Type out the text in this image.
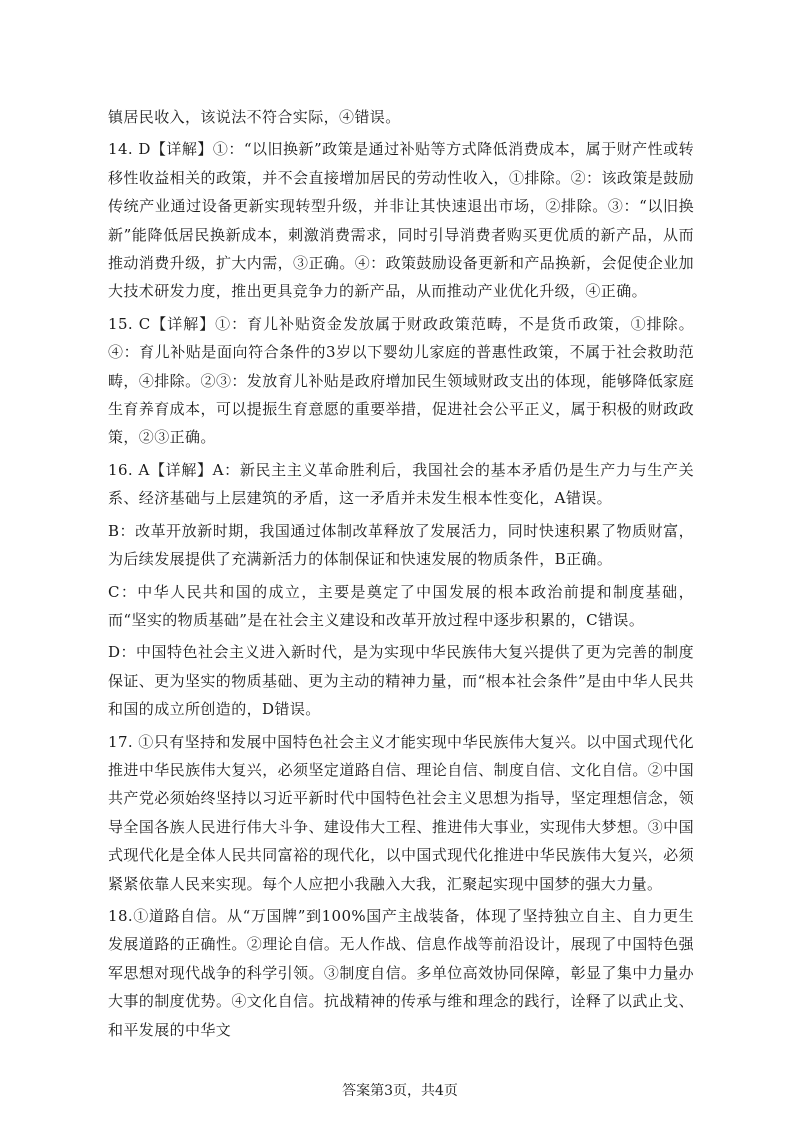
镇居民收入，该说法不符合实际，④错误。

14. D【详解】①：“以旧换新”政策是通过补贴等方式降低消费成本，属于财产性或转移性收益相关的政策，并不会直接增加居民的劳动性收入，①排除。②：该政策是鼓励传统产业通过设备更新实现转型升级，并非让其快速退出市场，②排除。③：“以旧换新”能降低居民换新成本，刺激消费需求，同时引导消费者购买更优质的新产品，从而推动消费升级，扩大内需，③正确。④：政策鼓励设备更新和产品换新，会促使企业加大技术研发力度，推出更具竞争力的新产品，从而推动产业优化升级，④正确。

15. C【详解】①：育儿补贴资金发放属于财政政策范畴，不是货币政策，①排除。④：育儿补贴是面向符合条件的3岁以下婴幼儿家庭的普惠性政策，不属于社会救助范畴，④排除。②③：发放育儿补贴是政府增加民生领域财政支出的体现，能够降低家庭生育养育成本，可以提振生育意愿的重要举措，促进社会公平正义，属于积极的财政政策，②③正确。

16. A【详解】A：新民主主义革命胜利后，我国社会的基本矛盾仍是生产力与生产关系、经济基础与上层建筑的矛盾，这一矛盾并未发生根本性变化，A错误。

B：改革开放新时期，我国通过体制改革释放了发展活力，同时快速积累了物质财富，为后续发展提供了充满新活力的体制保证和快速发展的物质条件，B正确。

C：中华人民共和国的成立，主要是奠定了中国发展的根本政治前提和制度基础，而“坚实的物质基础”是在社会主义建设和改革开放过程中逐步积累的，C错误。

D：中国特色社会主义进入新时代，是为实现中华民族伟大复兴提供了更为完善的制度保证、更为坚实的物质基础、更为主动的精神力量，而“根本社会条件”是由中华人民共和国的成立所创造的，D错误。

17. ①只有坚持和发展中国特色社会主义才能实现中华民族伟大复兴。以中国式现代化推进中华民族伟大复兴，必须坚定道路自信、理论自信、制度自信、文化自信。②中国共产党必须始终坚持以习近平新时代中国特色社会主义思想为指导，坚定理想信念，领导全国各族人民进行伟大斗争、建设伟大工程、推进伟大事业，实现伟大梦想。③中国式现代化是全体人民共同富裕的现代化，以中国式现代化推进中华民族伟大复兴，必须紧紧依靠人民来实现。每个人应把小我融入大我，汇聚起实现中国梦的强大力量。

18.①道路自信。从“万国牌”到100%国产主战装备，体现了坚持独立自主、自力更生发展道路的正确性。②理论自信。无人作战、信息作战等前沿设计，展现了中国特色强军思想对现代战争的科学引领。③制度自信。多单位高效协同保障，彰显了集中力量办大事的制度优势。④文化自信。抗战精神的传承与维和理念的践行，诠释了以武止戈、和平发展的中华文

答案第3页，共4页
